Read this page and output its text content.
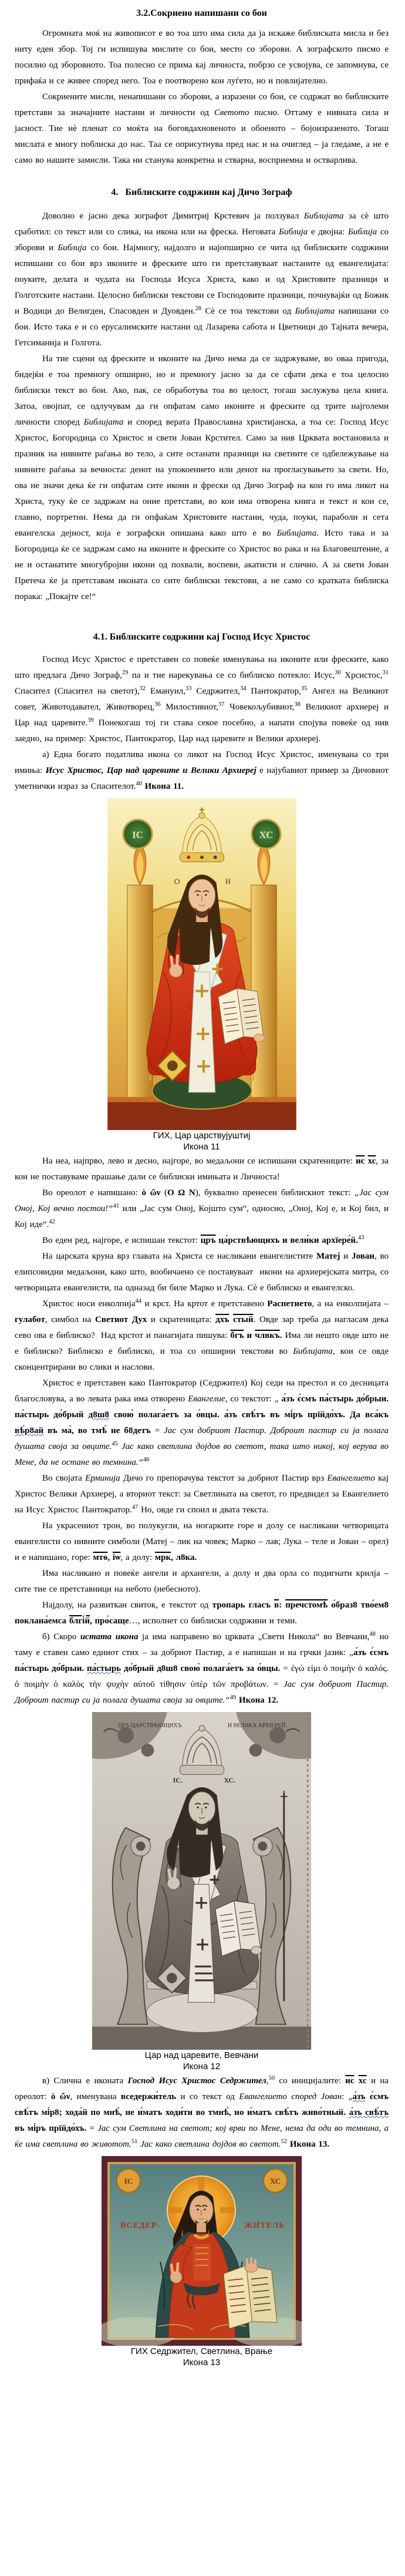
3.2.Сокриено напишани со бои

Огромната моќ на живописот е во тоа што има сила да ја искаже библиската мисла и без ниту еден збор. Тој ги испишува мислите со бои, место со зборови. А зографското писмо е посилно од зборовното. Тоа полесно се прима кај личноста, побрзо се усвојува, се запомнува, се прифаќа и се живее според него. Тоа е поотворено кон луѓето, но и повлијателно.

Сокриените мисли, ненапишани со зборови, а изразени со бои, се содржат во библиските претстави за значајните настани и личности од Светото писмо. Оттаму е нивната сила и јасност. Тие нѐ пленат со моќта на боговдахновеното и обоеното – бојоизразеното. Тогаш мислата е многу поблиска до нас. Таа се оприсутнува пред нас и на очиглед – ја гледаме, а не е само во нашите замисли. Така ни станува конкретна и стварна, восприемна и остварлива.

4.   Библиските содржини кај Дичо Зограф

Доволно е јасно дека зографот Димитриј Крстевич ја ползувал Библијата за сѐ што сработил: со текст или со слика, на икона или на фреска. Неговата Библија е двојна: Библија со зборови и Библија со бои. Најмногу, најдолго и најопширно се чита од библиските содржини испишани со бои врз иконите и фреските што ги претставуваат настаните од евангелијата: поуките, делата и чудата на Господа Исуса Христа, како и од Христовите празници и Голготските настани. Целосно библиски текстови се Господовите празници, почнувајќи од Божик и Водици до Велигден, Спасовден и Дуовден.$^{28}$ Сѐ се тоа текстови од Библијата напишани со бои. Исто така е и со ерусалимските настани од Лазарева сабота и Цветници до Тајната вечера, Гетсиманија и Голгота.

На тие сцени од фреските и иконите на Дичо нема да се задржуваме, во оваа пригода, бидејќи е тоа премногу опширно, но и премногу јасно за да се сфати дека е тоа целосно библиски текст во бои. Ако, пак, се обработува тоа во целост, тогаш заслужува цела книга. Затоа, овојпат, се одлучувам да ги опфатам само иконите и фреските од трите најголеми личности според Библијата и според верата Православна христијанска, а тоа се: Господ Исус Христос, Богородица со Христос и свети Јован Крстител. Само за нив Црквата востановила и празник на нивните раѓања во тело, а сите останати празници на светиите се одбележување на нивните раѓања за вечноста: денот на упокоението или денот на прогласувањето за свети. Но, ова не значи дека ќе ги опфатам сите икони и фрески од Дичо Зограф на кои го има ликот на Христа, туку ќе се задржам на оние претстави, во кои има отворена книга и текст и кои се, главно, портретни. Нема да ги опфаќам Христовите настани, чуда, поуки, параболи и сета евангелска дејност, која е зографски опишана како што е во Библијата. Исто така и за Богородица ќе се задржам само на иконите и фреските со Христос во рака и на Благовештение, а не и останатите многубројни икони од похвали, воспеви, акатисти и слично. А за свети Јован Претеча ќе ја претставам иконата со сите библиски текстови, а не само со кратката библиска порака: „Покајте се!“

4.1. Библиските содржини кај Господ Исус Христос

Господ Исус Христос е претставен со повеќе именувања на иконите или фреските, како што предлага Дичо Зограф,$^{29}$ па и тие нарекувања се со библиско потекло: Исус,$^{30}$ Хрсистос,$^{31}$ Спасител (Спасител на светот),$^{32}$ Емануил,$^{33}$ Седржител,$^{34}$ Пантократор,$^{35}$ Ангел на Великиот совет, Животодавател, Животворец,$^{36}$ Милостивиот,$^{37}$ Човекољубивиот,$^{38}$ Великиот архиереј и Цар над царевите.$^{39}$ Понекогаш тој ги става секое посебно, а напати спојува повеќе од нив заедно, на пример: Христос, Пантократор, Цар над царевите и Велики архиереј.

а) Една богато податлива икона со ликот на Господ Исус Христос, именувана со три имиња: Исус Христос, Цар над царевите и Велики Архиереј е најубавиот пример за Дичовиот уметнички израз за Спасителот.$^{40}$ Икона 11.

ІС	ХС
Ѻ	Н
ГИХ, Цар царствујуштиј
Икона 11

На неа, најпрво, лево и десно, најгоре, во медаљони се испишани скратениците: ис хс, за кои не поставуваме прашање дали се библиски имињата и Личноста!

Во ореолот е напишано: ὁ ὤν (О Ω N), буквално пренесен библискиот текст: „Јас сум Оној, Кој вечно постои!“$^{41}$ или „Јас сум Оној, Којшто сум“, односно, „Оној, Кој е, и Кој бил, и Кој иде“.$^{42}$

Во еден ред, најгоре, е испишан текстот: цръ ца́рствѣющихъ и вели́ки архїере́й.$^{43}$

На царската круна врз главата на Христа се насликани евангелистите Матеј и Јован, во елипсовидни медаљони, како што, вообичаено се поставуваат  икони на архиерејската митра, со четворицата евангелисти, па одназад би биле Марко и Лука. Сѐ е библиско и евангелско.

Христос носи енколпија$^{44}$ и крст. На кртот е претставено Распетието, а на енколпијата – гулабот, симбол на Светиот Дух и скратеницата: дхъ стый. Овде зар треба да нагласам дека сево ова е библиско?  Над крстот и панагијата пишува: бгъ и члвкъ. Има ли нешто овде што не е библиско? Библиско е библиско, и тоа со опширни текстови во Библијата, кои се овде сконцентрирани во слики и наслови.

Христос е претставен како Пантократор (Седржител) Кој седи на престол и со десницата благословува, а во левата рака има отворено Евангелие, со текстот: „ а́зъ є́смъ па́стырь до́брыи. па́стырь до́брый д8ш8 свою̀ полага́етъ за о́вцы. а́зъ свѣ́тъ въ мі́ръ прїйдо́хъ. Да вса́къ вѣ́р8ай въ ма̀, во тмѣ̀ не б8детъ = Јас сум добриот Пастир. Доброит пастир си ја полага душата своја за овците.$^{45}$ Јас како светлина дојдов во светот, така што никој, кој верува во Мене, да не остане во темнина.“$^{46}$

Во својата Ерминија Дичо го препорачува текстот за добриот Пастир врз Евангелието кај Христос Велики Архиереј, а вториот текст: за Светлината на светот, го предвидел за Евангелието на Исус Христос Пантократор.$^{47}$ Но, овде ги споил и двата текста.

На украсениот трон, во полукугли, на ногарките горе и долу се насликани четворицата евангелисти со нивните симболи (Матеј – лик на човек; Марко – лав; Лука – теле и Јован – орел) и е напишано, горе: мтѳ, іѡ, а долу: мрк, л8ка.

Има насликано и повеќе ангели и архангели, а долу и два орла со подигнати крилја – сите тие се претставници на небото (небесното).

Најдолу, на развиткан свиток, е текстот од тропарь гласъ в: пречстомѣ о́браз8 тво́ем8 поклана́емса блгі́й, про́саще…, исполнет со библиски содржини и теми.

б) Скоро истата икона ја има направено во црквата „Свети Никола“ во Вевчани,$^{48}$ но таму е ставен само едниот стих – за добриот Пастир, а е напишан и на грчки јазик: „а́зъ є́смъ па́стырь до́брыи. па́стырь до́брый д8ш8 свою̀ полага́етъ за о́вцы. = ἐγώ εἰμι ὁ ποιμὴν ὁ καλός. ὁ ποιμὴν ὁ καλὸς τὴν ψυχὴν αὐτοῦ τίθησιν ὑπὲρ τῶν προβάτων. = Јас сум добриот Пастир. Доброит пастир си ја полага душата своја за овците.“$^{49}$ Икона 12.

ЦРЪ ЦАРСТВѢЮЩИХЪ	И ВЕЛИКА АРХІЕРЕЙ.
ІС.	ХС.
Цар над царевите, Вевчани
Икона 12

в) Слична е иконата Господ Исус Христос Седржител,$^{50}$ со иницијалите: ис хс и на ореолот: ὁ ὤν, именувана вседержи́тель и со текст од Евангелието според Јован: „а́зъ є́смъ свѣ́тъ мі́р8; хода́й по мнѣ̀, не и́матъ ходи́ти во тмнѣ̀, но и́матъ свѣ́тъ живо́тный. а́зъ свѣ́тъ въ мі́ръ прїйдо́хъ. = Јас сум Светлина на светот; кој врви по Мене, нема да оди во темнина, а ќе има светлина во животот.$^{51}$ Јас како светлина дојдов во светот.$^{52}$ Икона 13.

ІС	ХС
ВСЕДЕР-	ЖИ́ТЕЛЬ
ГИХ Седржител, Светлина, Врање
Икона 13
